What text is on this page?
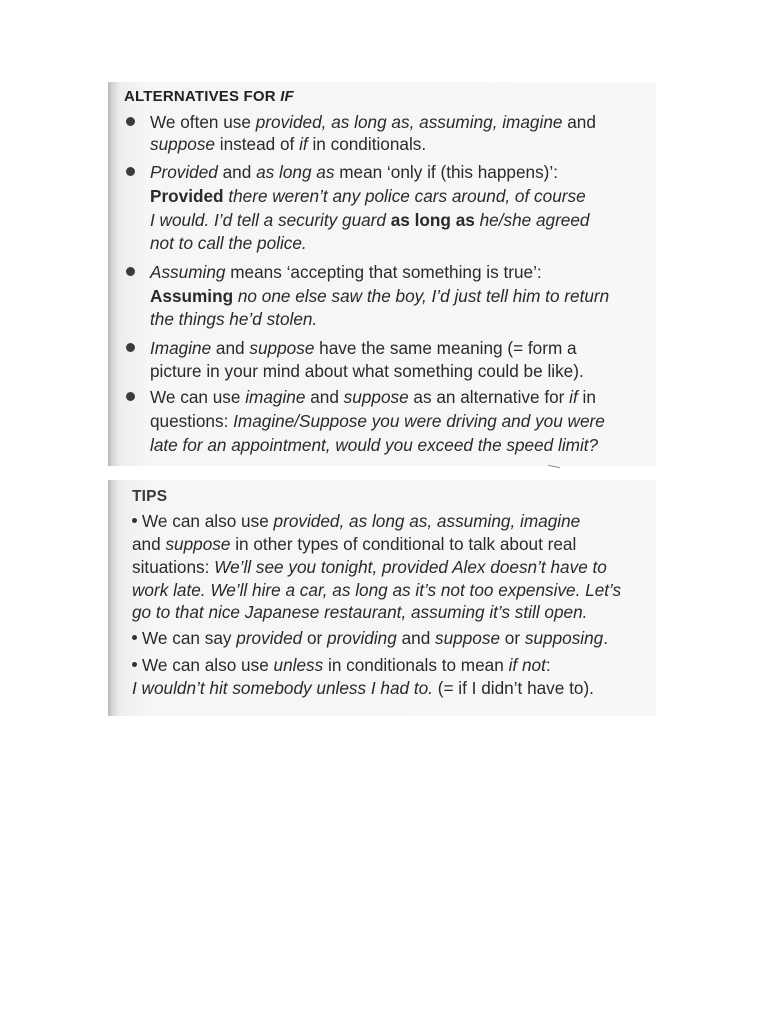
ALTERNATIVES FOR IF
We often use provided, as long as, assuming, imagine and
suppose instead of if in conditionals.
Provided and as long as mean ‘only if (this happens)’:
Provided there weren’t any police cars around, of course
I would. I’d tell a security guard as long as he/she agreed
not to call the police.
Assuming means ‘accepting that something is true’:
Assuming no one else saw the boy, I’d just tell him to return
the things he’d stolen.
Imagine and suppose have the same meaning (= form a
picture in your mind about what something could be like).
We can use imagine and suppose as an alternative for if in
questions: Imagine/Suppose you were driving and you were
late for an appointment, would you exceed the speed limit?
TIPS
We can also use provided, as long as, assuming, imagine
and suppose in other types of conditional to talk about real
situations: We’ll see you tonight, provided Alex doesn’t have to
work late. We’ll hire a car, as long as it’s not too expensive. Let’s
go to that nice Japanese restaurant, assuming it’s still open.
We can say provided or providing and suppose or supposing.
We can also use unless in conditionals to mean if not:
I wouldn’t hit somebody unless I had to. (= if I didn’t have to).
